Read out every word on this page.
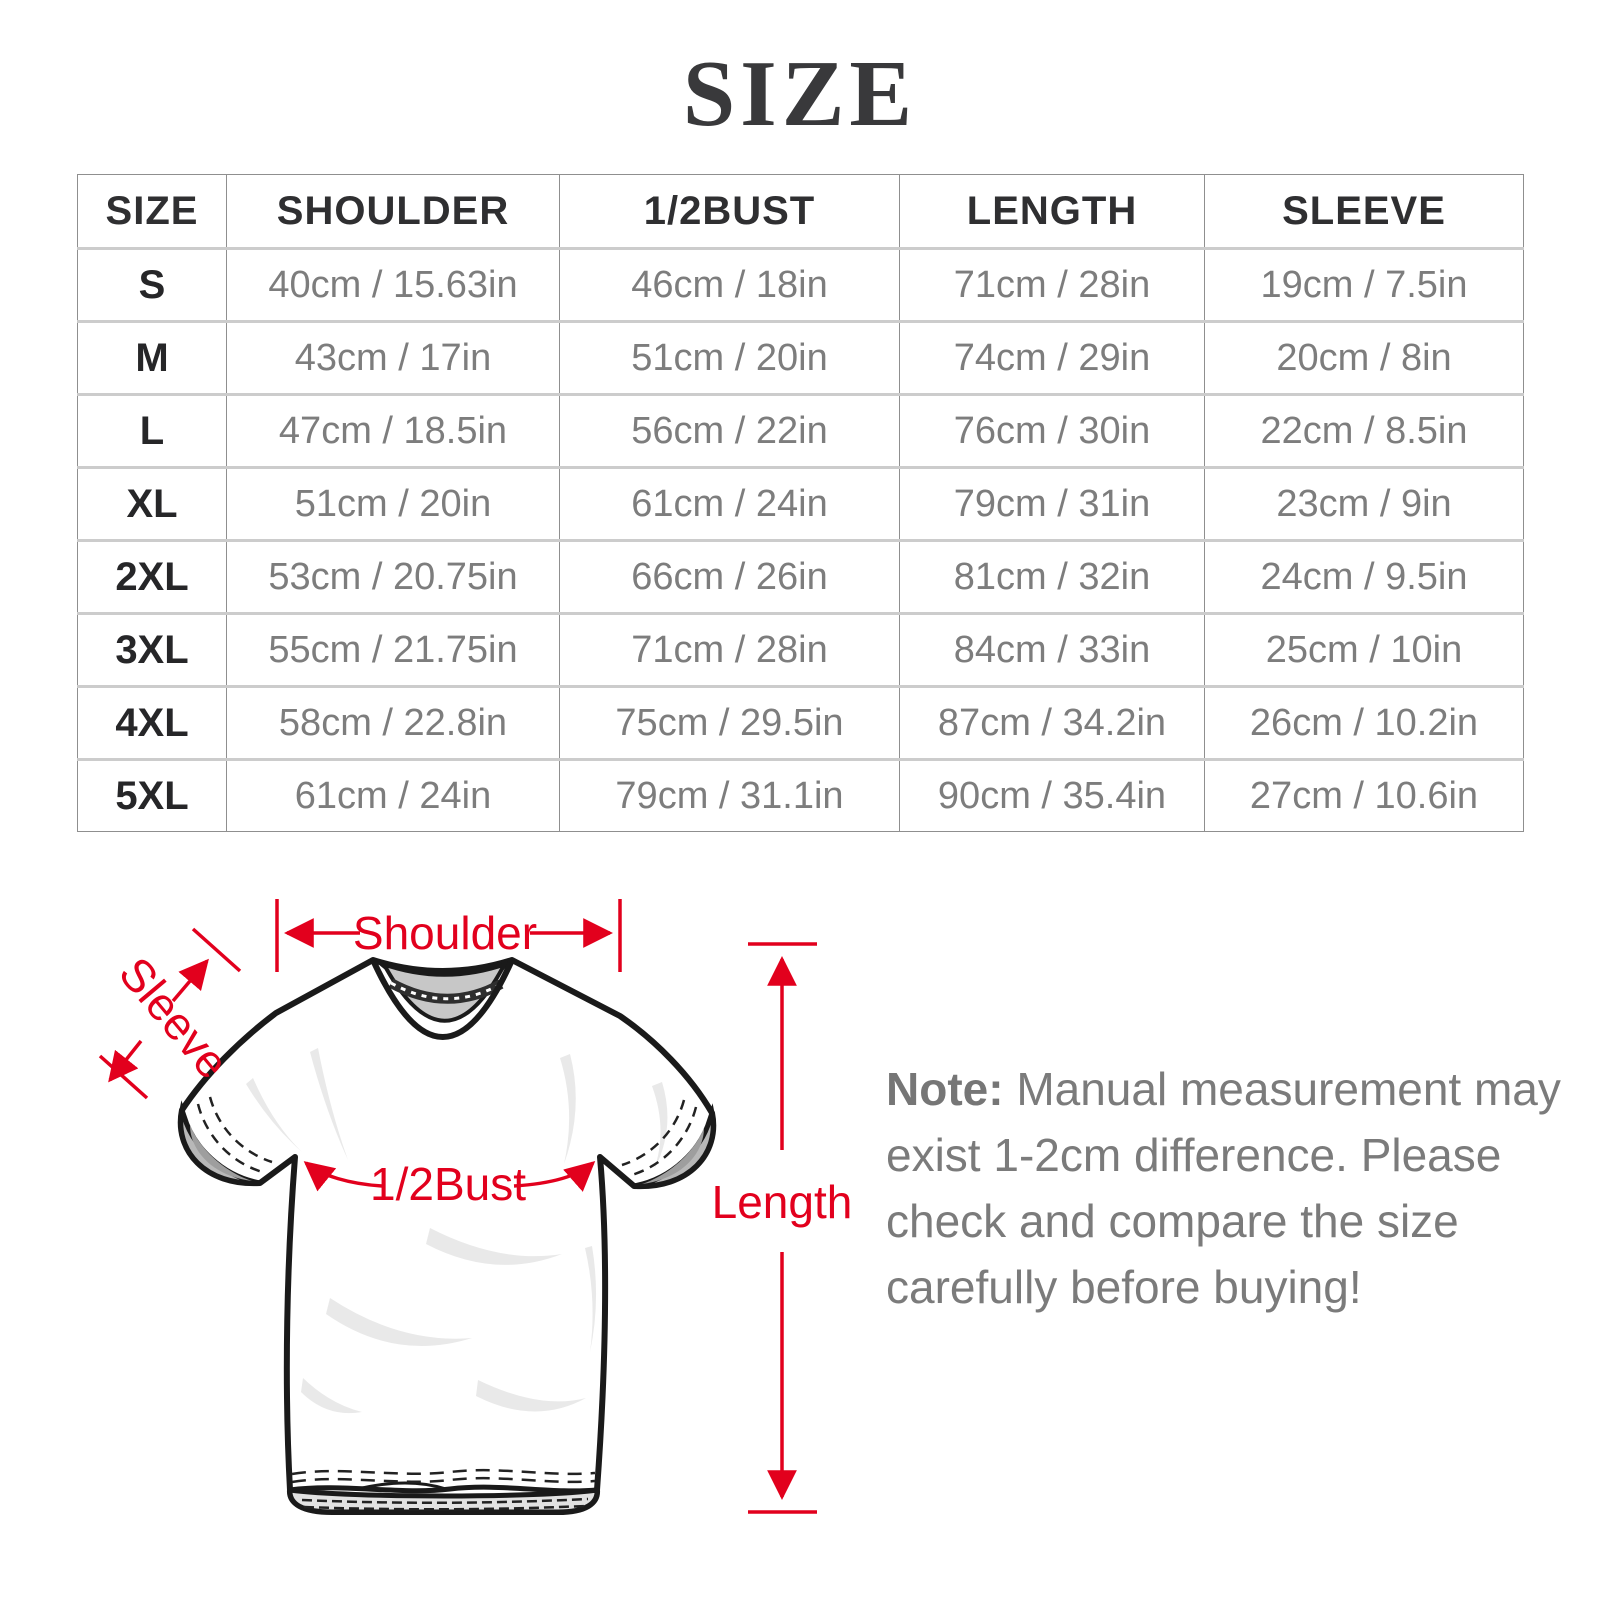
SIZE
SIZE	SHOULDER	1/2BUST	LENGTH	SLEEVE
S	40cm / 15.63in	46cm / 18in	71cm / 28in	19cm / 7.5in
M	43cm / 17in	51cm / 20in	74cm / 29in	20cm / 8in
L	47cm / 18.5in	56cm / 22in	76cm / 30in	22cm / 8.5in
XL	51cm / 20in	61cm / 24in	79cm / 31in	23cm / 9in
2XL	53cm / 20.75in	66cm / 26in	81cm / 32in	24cm / 9.5in
3XL	55cm / 21.75in	71cm / 28in	84cm / 33in	25cm / 10in
4XL	58cm / 22.8in	75cm / 29.5in	87cm / 34.2in	26cm / 10.2in
5XL	61cm / 24in	79cm / 31.1in	90cm / 35.4in	27cm / 10.6in
Shoulder
Sleeve
1/2Bust	Length
Note: Manual measurement may
exist 1-2cm difference. Please
check and compare the size
carefully before buying!
